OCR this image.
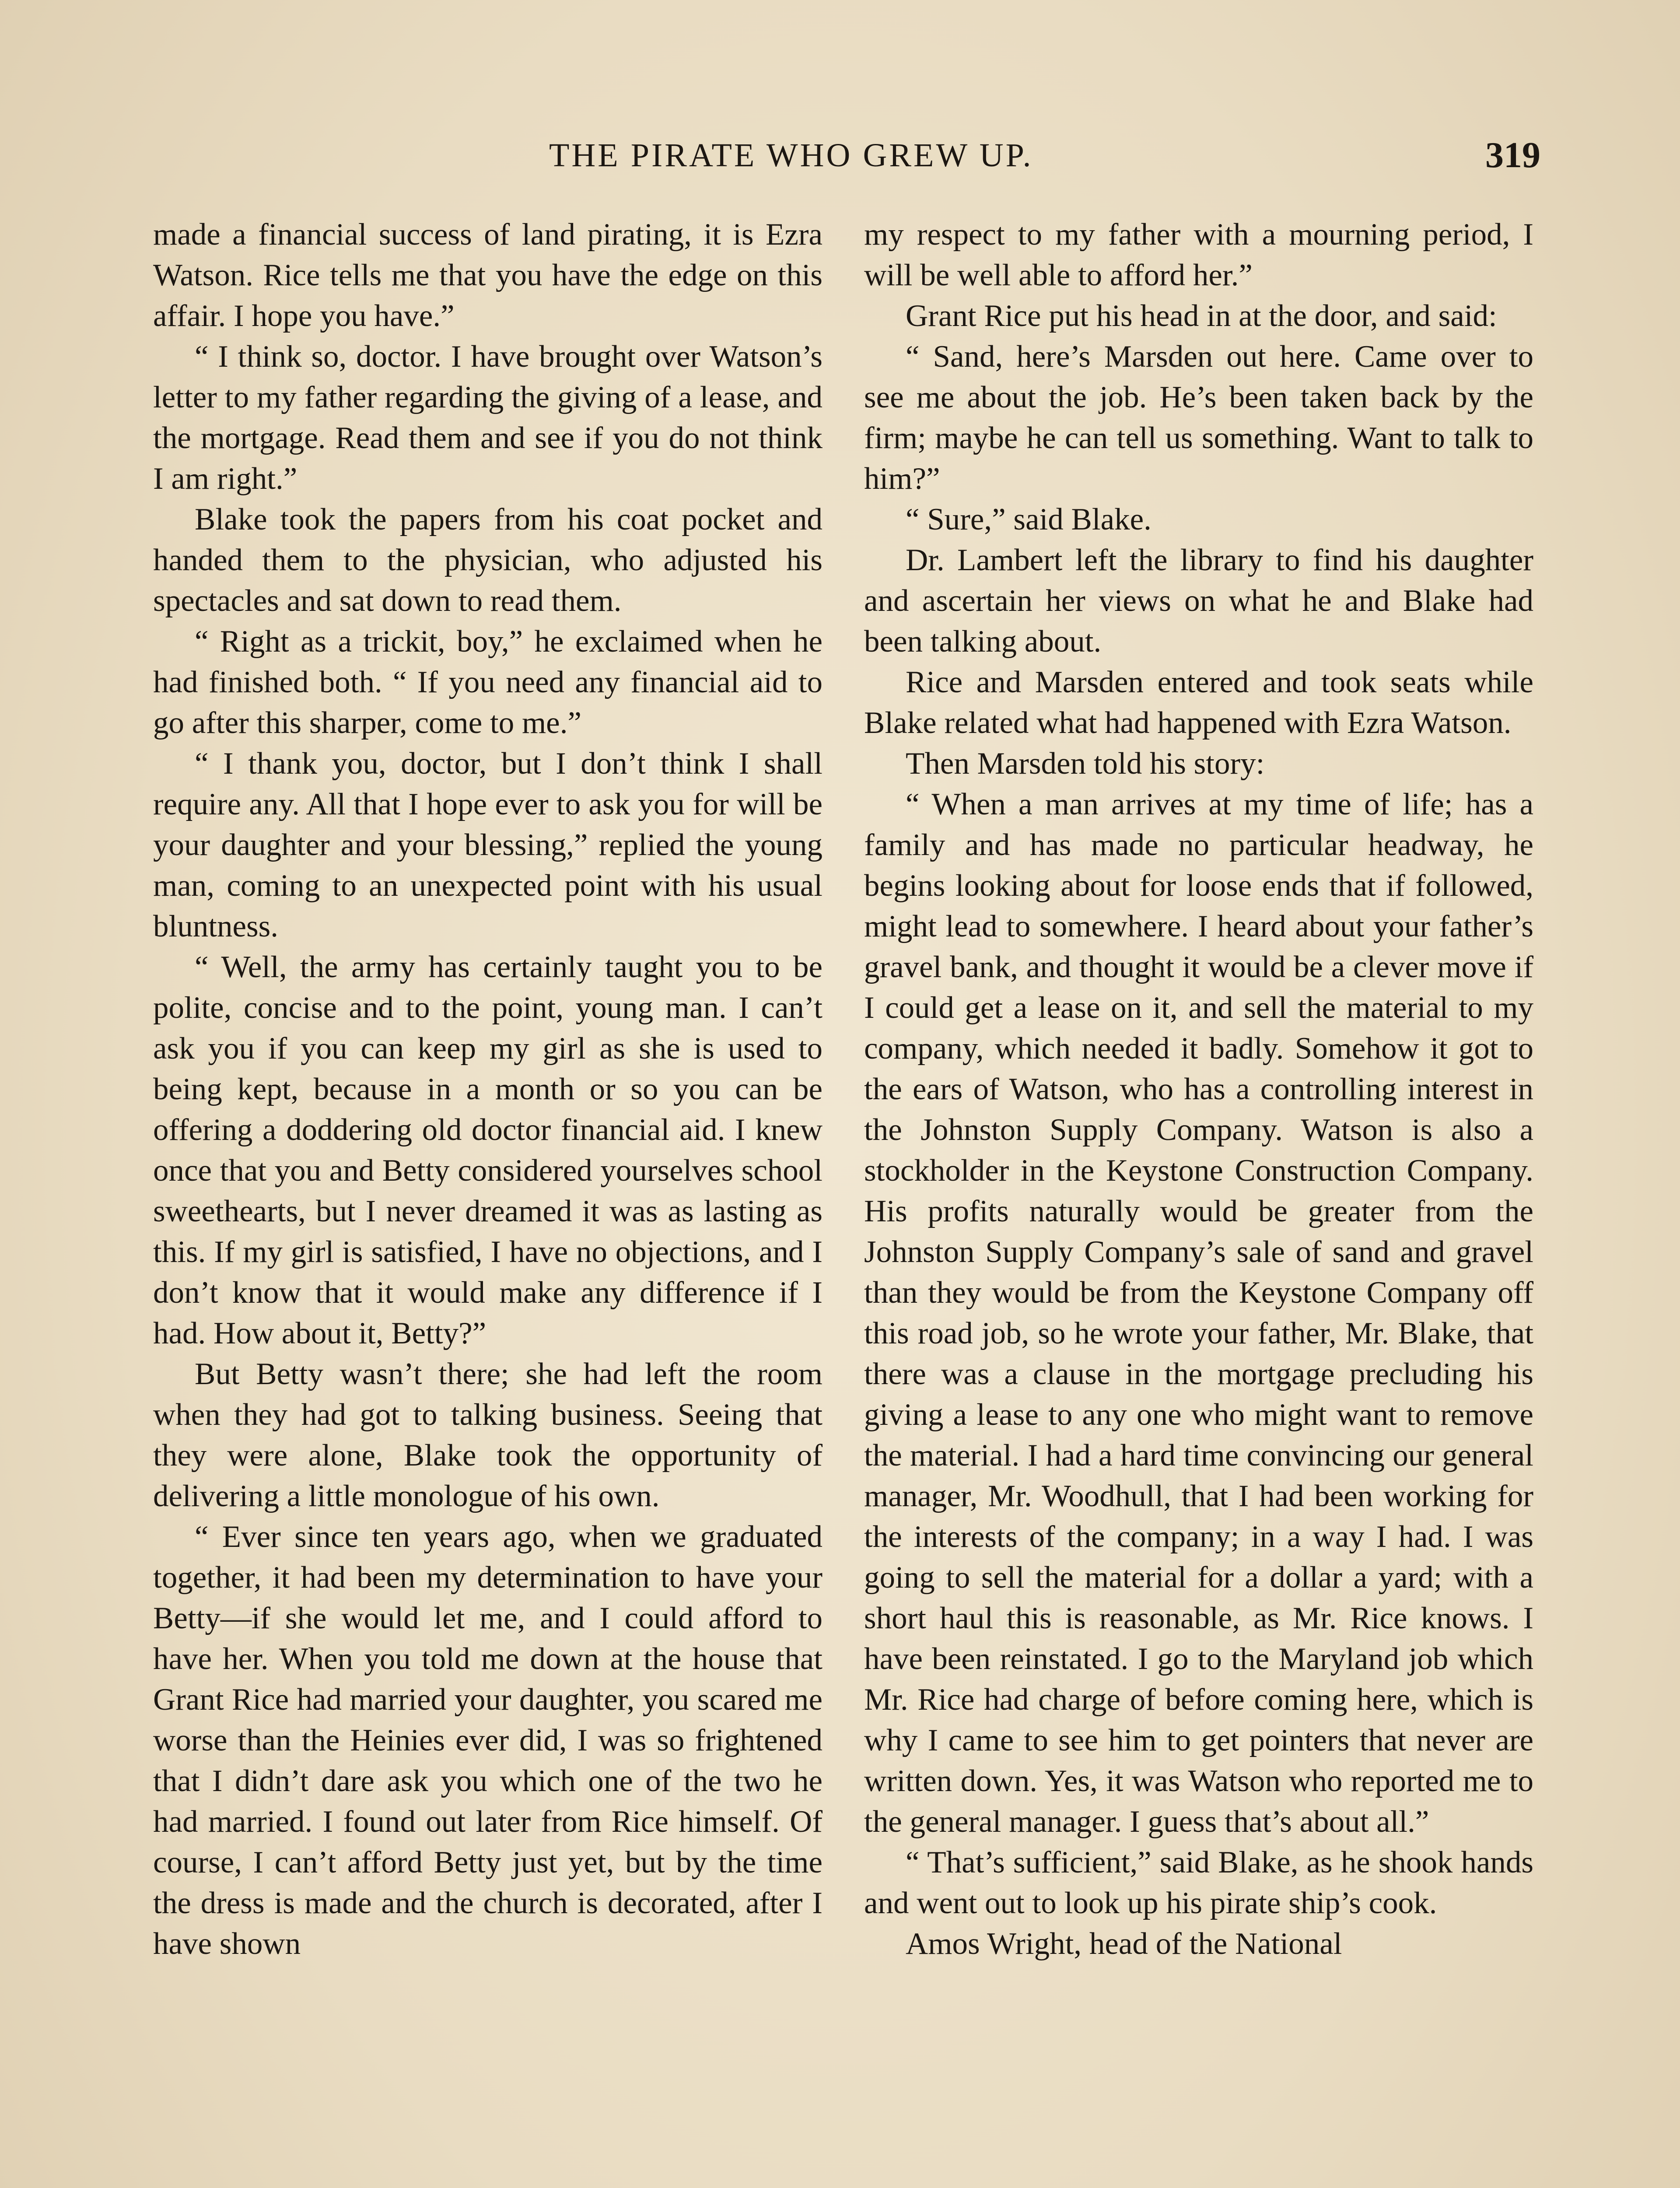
THE PIRATE WHO GREW UP.	319

made a financial success of land pirating, it is Ezra Watson. Rice tells me that you have the edge on this affair. I hope you have.”

“ I think so, doctor. I have brought over Watson’s letter to my father regarding the giving of a lease, and the mortgage. Read them and see if you do not think I am right.”

Blake took the papers from his coat pocket and handed them to the physician, who adjusted his spectacles and sat down to read them.

“ Right as a trickit, boy,” he exclaimed when he had finished both. “ If you need any financial aid to go after this sharper, come to me.”

“ I thank you, doctor, but I don’t think I shall require any. All that I hope ever to ask you for will be your daughter and your blessing,” replied the young man, coming to an unexpected point with his usual bluntness.

“ Well, the army has certainly taught you to be polite, concise and to the point, young man. I can’t ask you if you can keep my girl as she is used to being kept, because in a month or so you can be offering a doddering old doctor financial aid. I knew once that you and Betty considered yourselves school sweethearts, but I never dreamed it was as lasting as this. If my girl is satisfied, I have no objections, and I don’t know that it would make any difference if I had. How about it, Betty?”

But Betty wasn’t there; she had left the room when they had got to talking business. Seeing that they were alone, Blake took the opportunity of delivering a little monologue of his own.

“ Ever since ten years ago, when we graduated together, it had been my determination to have your Betty—if she would let me, and I could afford to have her. When you told me down at the house that Grant Rice had married your daughter, you scared me worse than the Heinies ever did, I was so frightened that I didn’t dare ask you which one of the two he had married. I found out later from Rice himself. Of course, I can’t afford Betty just yet, but by the time the dress is made and the church is decorated, after I have shown

my respect to my father with a mourning period, I will be well able to afford her.”

Grant Rice put his head in at the door, and said:

“ Sand, here’s Marsden out here. Came over to see me about the job. He’s been taken back by the firm; maybe he can tell us something. Want to talk to him?”

“ Sure,” said Blake.

Dr. Lambert left the library to find his daughter and ascertain her views on what he and Blake had been talking about.

Rice and Marsden entered and took seats while Blake related what had happened with Ezra Watson.

Then Marsden told his story:

“ When a man arrives at my time of life; has a family and has made no particular headway, he begins looking about for loose ends that if followed, might lead to somewhere. I heard about your father’s gravel bank, and thought it would be a clever move if I could get a lease on it, and sell the material to my company, which needed it badly. Somehow it got to the ears of Watson, who has a controlling interest in the Johnston Supply Company. Watson is also a stockholder in the Keystone Construction Company. His profits naturally would be greater from the Johnston Supply Company’s sale of sand and gravel than they would be from the Keystone Company off this road job, so he wrote your father, Mr. Blake, that there was a clause in the mortgage precluding his giving a lease to any one who might want to remove the material. I had a hard time convincing our general manager, Mr. Woodhull, that I had been working for the interests of the company; in a way I had. I was going to sell the material for a dollar a yard; with a short haul this is reasonable, as Mr. Rice knows. I have been reinstated. I go to the Maryland job which Mr. Rice had charge of before coming here, which is why I came to see him to get pointers that never are written down. Yes, it was Watson who reported me to the general manager. I guess that’s about all.”

“ That’s sufficient,” said Blake, as he shook hands and went out to look up his pirate ship’s cook.

Amos Wright, head of the National
